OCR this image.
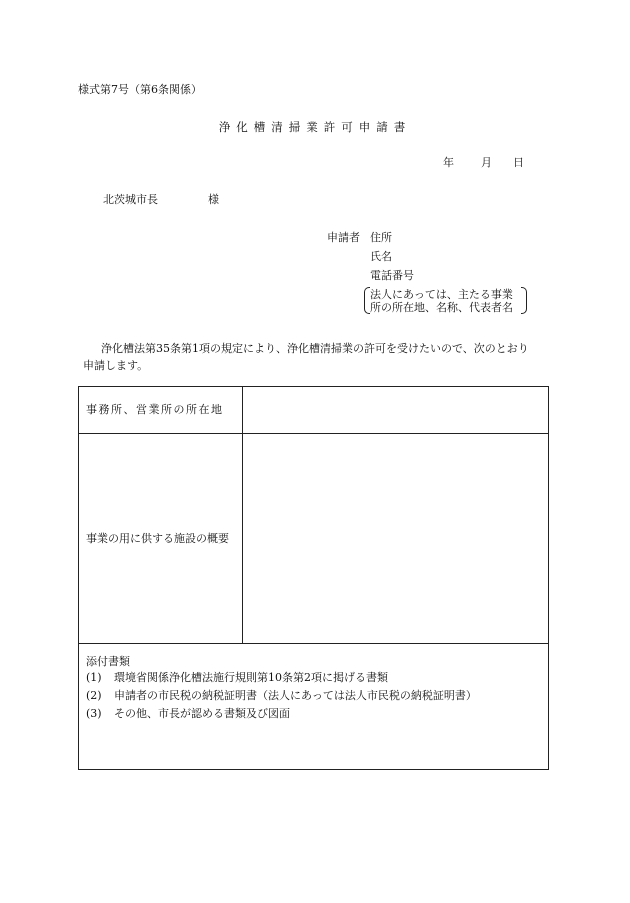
様式第7号（第6条関係）
浄化槽清掃業許可申請書
年 月 日
北茨城市長	様
申請者 住所
氏名
電話番号
法人にあっては、主たる事業
所の所在地、名称、代表者名
浄化槽法第35条第1項の規定により、浄化槽清掃業の許可を受けたいので、次のとおり
申請します。
事務所、営業所の所在地
事業の用に供する施設の概要
添付書類
(1) 環境省関係浄化槽法施行規則第10条第2項に掲げる書類
(2) 申請者の市民税の納税証明書（法人にあっては法人市民税の納税証明書）
(3) その他、市長が認める書類及び図面
